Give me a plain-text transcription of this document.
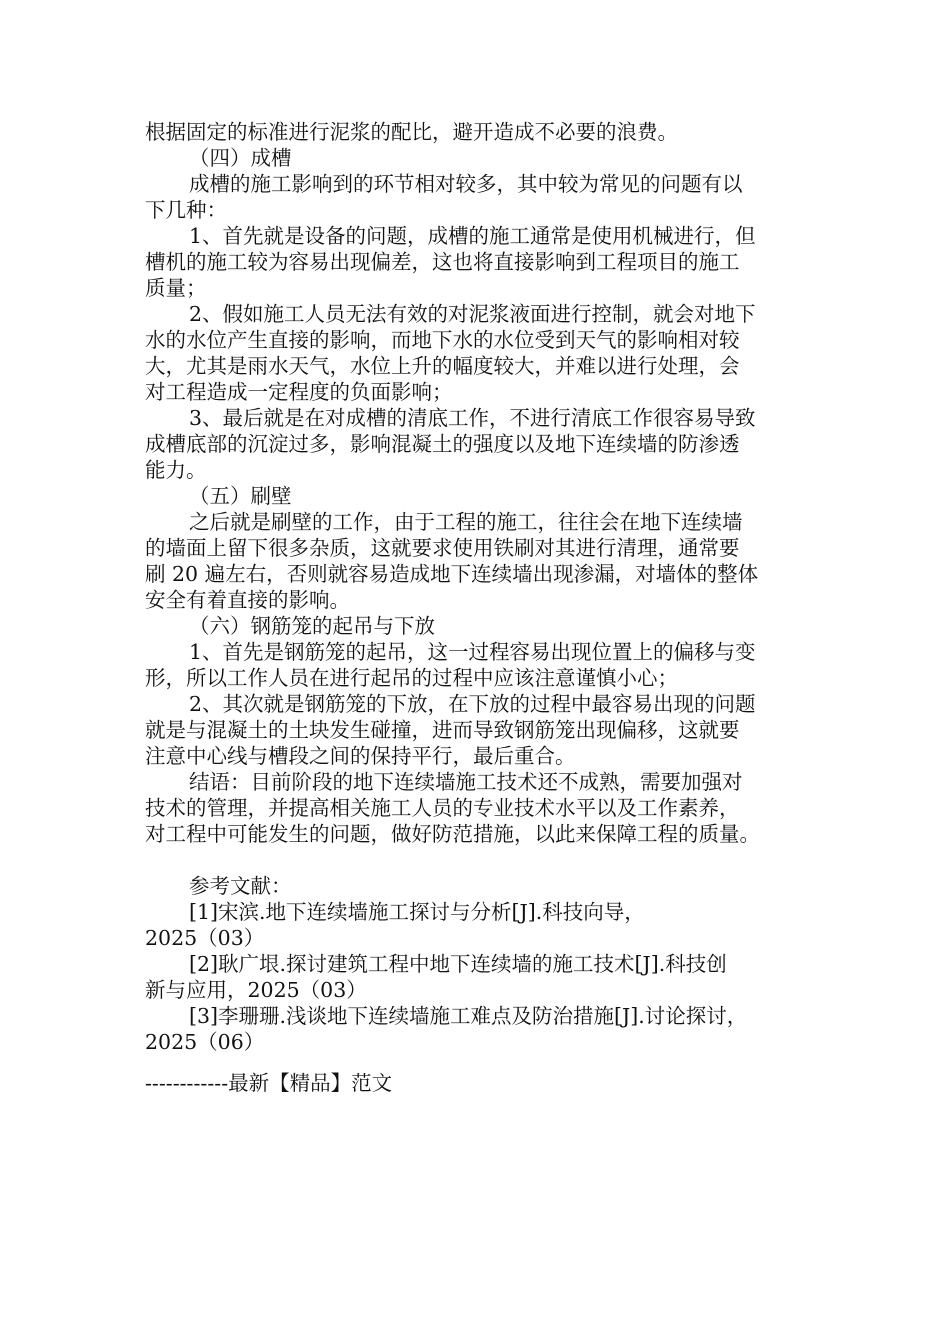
根据固定的标准进行泥浆的配比，避开造成不必要的浪费。
（四）成槽
成槽的施工影响到的环节相对较多，其中较为常见的问题有以
下几种：
1、首先就是设备的问题，成槽的施工通常是使用机械进行，但
槽机的施工较为容易出现偏差，这也将直接影响到工程项目的施工
质量；
2、假如施工人员无法有效的对泥浆液面进行控制，就会对地下
水的水位产生直接的影响，而地下水的水位受到天气的影响相对较
大，尤其是雨水天气，水位上升的幅度较大，并难以进行处理，会
对工程造成一定程度的负面影响；
3、最后就是在对成槽的清底工作，不进行清底工作很容易导致
成槽底部的沉淀过多，影响混凝土的强度以及地下连续墙的防渗透
能力。
（五）刷壁
之后就是刷壁的工作，由于工程的施工，往往会在地下连续墙
的墙面上留下很多杂质，这就要求使用铁刷对其进行清理，通常要
刷 20 遍左右，否则就容易造成地下连续墙出现渗漏，对墙体的整体
安全有着直接的影响。
（六）钢筋笼的起吊与下放
1、首先是钢筋笼的起吊，这一过程容易出现位置上的偏移与变
形，所以工作人员在进行起吊的过程中应该注意谨慎小心；
2、其次就是钢筋笼的下放，在下放的过程中最容易出现的问题
就是与混凝土的土块发生碰撞，进而导致钢筋笼出现偏移，这就要
注意中心线与槽段之间的保持平行，最后重合。
结语：目前阶段的地下连续墙施工技术还不成熟，需要加强对
技术的管理，并提高相关施工人员的专业技术水平以及工作素养，
对工程中可能发生的问题，做好防范措施，以此来保障工程的质量。
参考文献：
[1]宋滨.地下连续墙施工探讨与分析[J].科技向导，
2025（03）
[2]耿广垠.探讨建筑工程中地下连续墙的施工技术[J].科技创
新与应用，2025（03）
[3]李珊珊.浅谈地下连续墙施工难点及防治措施[J].讨论探讨，
2025（06）
------------最新【精品】范文
